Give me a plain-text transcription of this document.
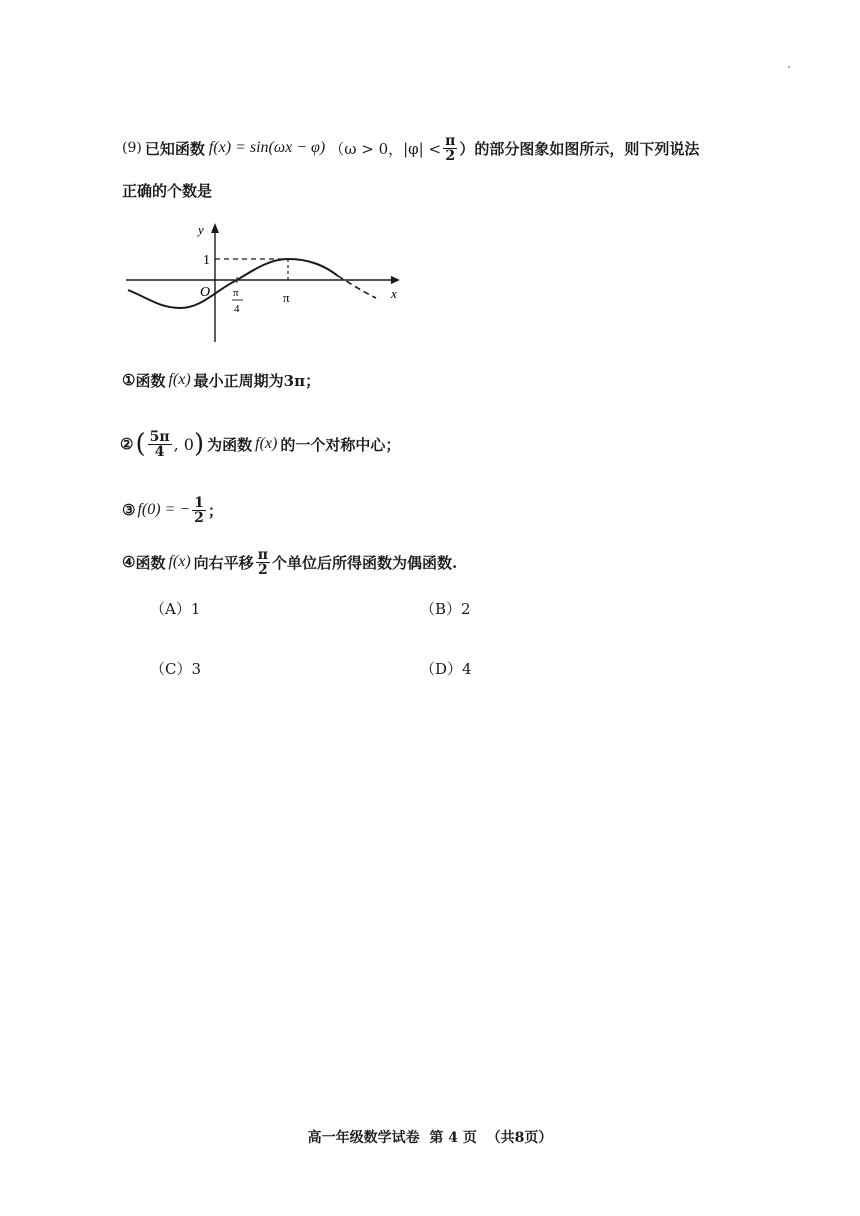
(9) 已知函数 f(x) = sin(ωx − φ) （ω > 0，$|\varphi| < \frac{\pi}{2}$ ）的部分图象如图所示，则下列说法
正确的个数是
y
x
O
1
π
4
π
① 函数 f(x) 最小正周期为3π；
② ( $\frac{5\pi}{4}$ , 0 ) 为函数 f(x) 的一个对称中心；
③ f(0) = − $\frac{1}{2}$ ；
④ 函数 f(x) 向右平移 $\frac{\pi}{2}$ 个单位后所得函数为偶函数.
（A）1	（B）2
（C）3	（D）4
高一年级数学试卷  第 4 页  （共8页）
